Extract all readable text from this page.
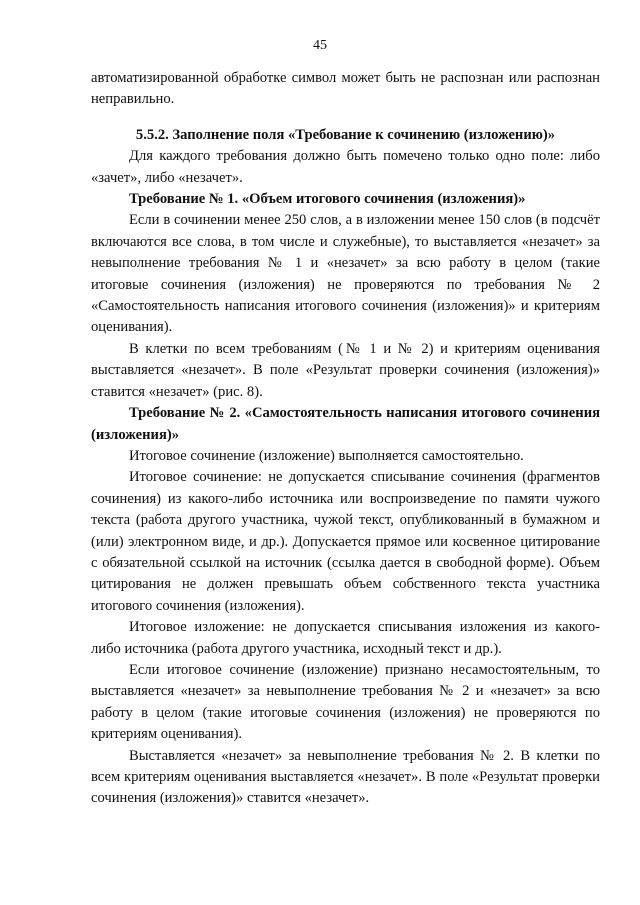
45

автоматизированной обработке символ может быть не распознан или распознан неправильно.

5.5.2. Заполнение поля «Требование к сочинению (изложению)»

Для каждого требования должно быть помечено только одно поле: либо «зачет», либо «незачет».

Требование № 1. «Объем итогового сочинения (изложения)»

Если в сочинении менее 250 слов, а в изложении менее 150 слов (в подсчёт включаются все слова, в том числе и служебные), то выставляется «незачет» за невыполнение требования № 1 и «незачет» за всю работу в целом (такие итоговые сочинения (изложения) не проверяются по требования № 2 «Самостоятельность написания итогового сочинения (изложения)» и критериям оценивания).

В клетки по всем требованиям (№ 1 и № 2) и критериям оценивания выставляется «незачет». В поле «Результат проверки сочинения (изложения)» ставится «незачет» (рис. 8).

Требование № 2. «Самостоятельность написания итогового сочинения (изложения)»

Итоговое сочинение (изложение) выполняется самостоятельно.

Итоговое сочинение: не допускается списывание сочинения (фрагментов сочинения) из какого-либо источника или воспроизведение по памяти чужого текста (работа другого участника, чужой текст, опубликованный в бумажном и (или) электронном виде, и др.). Допускается прямое или косвенное цитирование с обязательной ссылкой на источник (ссылка дается в свободной форме). Объем цитирования не должен превышать объем собственного текста участника итогового сочинения (изложения).

Итоговое изложение: не допускается списывания изложения из какого-либо источника (работа другого участника, исходный текст и др.).

Если итоговое сочинение (изложение) признано несамостоятельным, то выставляется «незачет» за невыполнение требования № 2 и «незачет» за всю работу в целом (такие итоговые сочинения (изложения) не проверяются по критериям оценивания).

Выставляется «незачет» за невыполнение требования № 2. В клетки по всем критериям оценивания выставляется «незачет». В поле «Результат проверки сочинения (изложения)» ставится «незачет».
